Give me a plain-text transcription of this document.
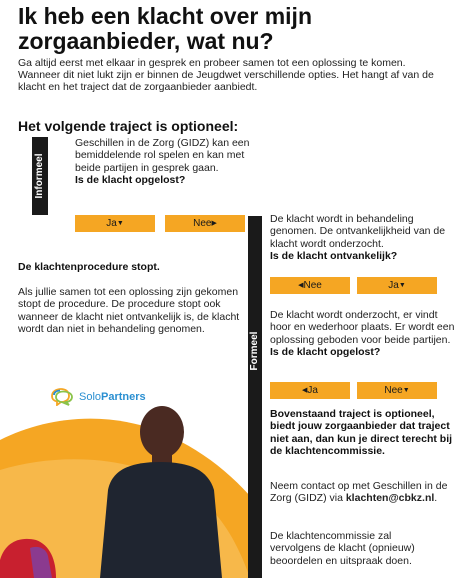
Ik heb een klacht over mijn zorgaanbieder, wat nu?
Ga altijd eerst met elkaar in gesprek en probeer samen tot een oplossing te komen. Wanneer dit niet lukt zijn er binnen de Jeugdwet verschillende opties. Het hangt af van de klacht en het traject dat de zorgaanbieder aanbiedt.
Het volgende traject is optioneel:
Informeel
Geschillen in de Zorg (GIDZ) kan een bemiddelende rol spelen en kan met beide partijen in gesprek gaan.
Is de klacht opgelost?
Ja▼	Nee▶
De klachtenprocedure stopt.
Als jullie samen tot een oplossing zijn gekomen stopt de procedure. De procedure stopt ook wanneer de klacht niet ontvankelijk is, de klacht wordt dan niet in behandeling genomen.
Formeel
De klacht wordt in behandeling genomen. De ontvankelijkheid van de klacht wordt onderzocht.
Is de klacht ontvankelijk?
◀Nee	Ja▼
De klacht wordt onderzocht, er vindt hoor en wederhoor plaats. Er wordt een oplossing geboden voor beide partijen.
Is de klacht opgelost?
◀Ja	Nee▼
Bovenstaand traject is optioneel, biedt jouw zorgaanbieder dat traject niet aan, dan kun je direct terecht bij de klachtencommissie.
Neem contact op met Geschillen in de Zorg (GIDZ) via klachten@cbkz.nl.
De klachtencommissie zal vervolgens de klacht (opnieuw) beoordelen en uitspraak doen.
SoloPartners
